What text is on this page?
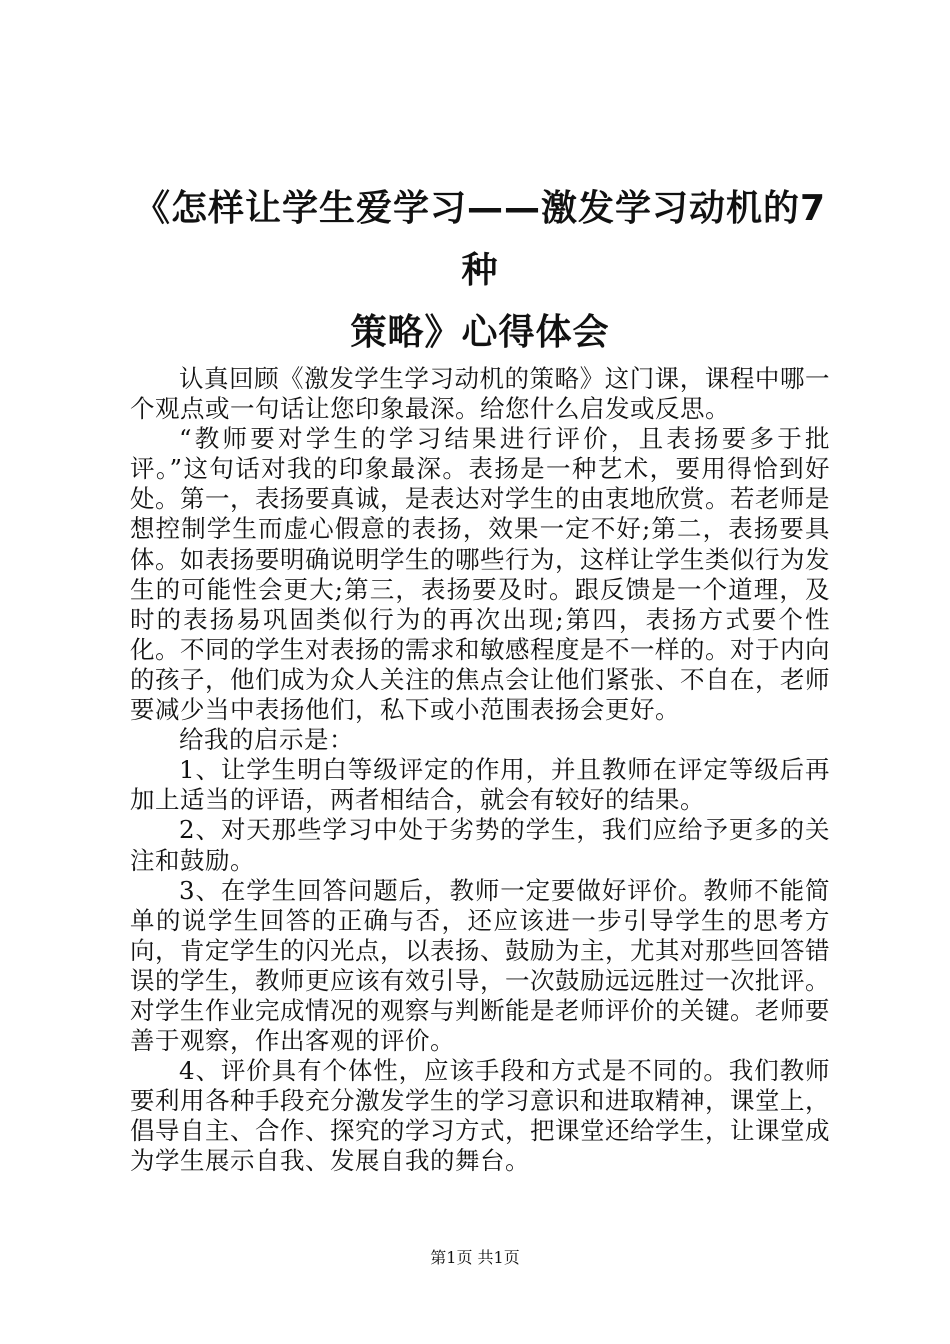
《怎样让学生爱学习——激发学习动机的7种
策略》心得体会

认真回顾《激发学生学习动机的策略》这门课，课程中哪一个观点或一句话让您印象最深。给您什么启发或反思。

“教师要对学生的学习结果进行评价，且表扬要多于批评。”这句话对我的印象最深。表扬是一种艺术，要用得恰到好处。第一，表扬要真诚，是表达对学生的由衷地欣赏。若老师是想控制学生而虚心假意的表扬，效果一定不好;第二，表扬要具体。如表扬要明确说明学生的哪些行为，这样让学生类似行为发生的可能性会更大;第三，表扬要及时。跟反馈是一个道理，及时的表扬易巩固类似行为的再次出现;第四，表扬方式要个性化。不同的学生对表扬的需求和敏感程度是不一样的。对于内向的孩子，他们成为众人关注的焦点会让他们紧张、不自在，老师要减少当中表扬他们，私下或小范围表扬会更好。

给我的启示是：

1、让学生明白等级评定的作用，并且教师在评定等级后再加上适当的评语，两者相结合，就会有较好的结果。

2、对天那些学习中处于劣势的学生，我们应给予更多的关注和鼓励。

3、在学生回答问题后，教师一定要做好评价。教师不能简单的说学生回答的正确与否，还应该进一步引导学生的思考方向，肯定学生的闪光点，以表扬、鼓励为主，尤其对那些回答错误的学生，教师更应该有效引导，一次鼓励远远胜过一次批评。对学生作业完成情况的观察与判断能是老师评价的关键。老师要善于观察，作出客观的评价。

4、评价具有个体性，应该手段和方式是不同的。我们教师要利用各种手段充分激发学生的学习意识和进取精神，课堂上，倡导自主、合作、探究的学习方式，把课堂还给学生，让课堂成为学生展示自我、发展自我的舞台。

第1页 共1页
